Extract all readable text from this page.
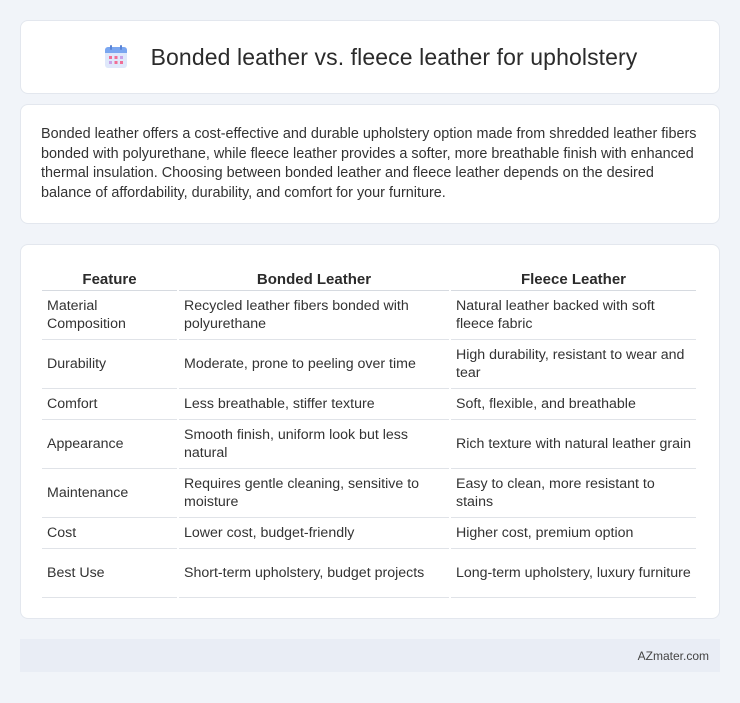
Bonded leather vs. fleece leather for upholstery

Bonded leather offers a cost-effective and durable upholstery option made from shredded leather fibers bonded with polyurethane, while fleece leather provides a softer, more breathable finish with enhanced thermal insulation. Choosing between bonded leather and fleece leather depends on the desired balance of affordability, durability, and comfort for your furniture.

Feature	Bonded Leather	Fleece Leather
Material Composition	Recycled leather fibers bonded with polyurethane	Natural leather backed with soft fleece fabric
Durability	Moderate, prone to peeling over time	High durability, resistant to wear and tear
Comfort	Less breathable, stiffer texture	Soft, flexible, and breathable
Appearance	Smooth finish, uniform look but less natural	Rich texture with natural leather grain
Maintenance	Requires gentle cleaning, sensitive to moisture	Easy to clean, more resistant to stains
Cost	Lower cost, budget-friendly	Higher cost, premium option
Best Use	Short-term upholstery, budget projects	Long-term upholstery, luxury furniture
AZmater.com
